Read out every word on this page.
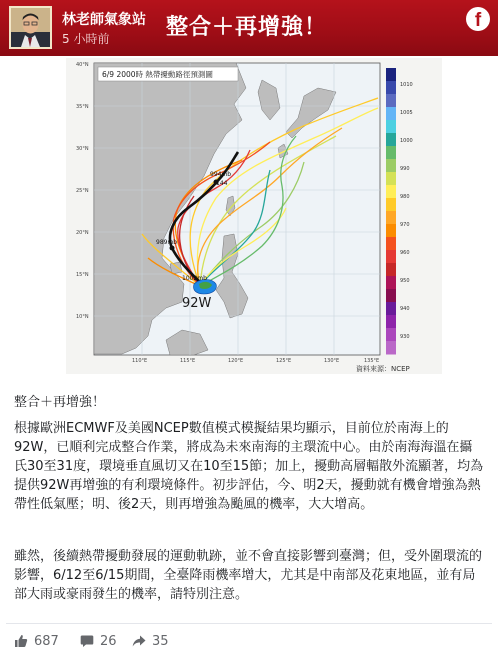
林老師氣象站
5 小時前	整合＋再增強！	f
92W
994mb
144
989mb
1002mb
6/9 2000時 熱帶擾動路徑預測圖
40°N
35°N
30°N
25°N
20°N
15°N
10°N
110°E	115°E	120°E	125°E	130°E	135°E
1010
1005
1000
990
980
970
960
950
940
930
資料來源：NCEP
整合＋再增強！
根據歐洲ECMWF及美國NCEP數值模式模擬結果均顯示，目前位於南海上的92W，已順利完成整合作業，將成為未來南海的主環流中心。由於南海海溫在攝氏30至31度，環境垂直風切又在10至15節；加上，擾動高層輻散外流顯著，均為提供92W再增強的有利環境條件。初步評估，今、明2天，擾動就有機會增強為熱帶性低氣壓；明、後2天，則再增強為颱風的機率，大大增高。
雖然，後續熱帶擾動發展的運動軌跡，並不會直接影響到臺灣；但，受外圍環流的影響，6/12至6/15期間，全臺降雨機率增大，尤其是中南部及花東地區，並有局部大雨或豪雨發生的機率，請特別注意。
687	26	35
